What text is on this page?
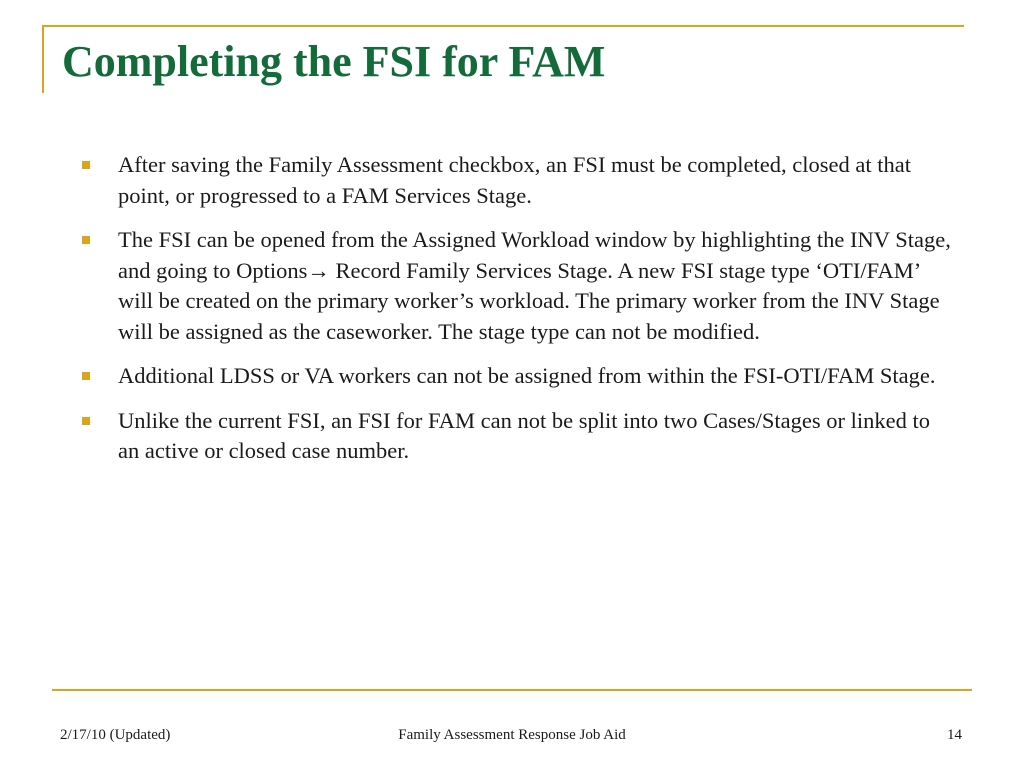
Completing the FSI for FAM
After saving the Family Assessment checkbox, an FSI must be completed, closed at that point, or progressed to a FAM Services Stage.
The FSI can be opened from the Assigned Workload window by highlighting the INV Stage, and going to Options→ Record Family Services Stage. A new FSI stage type ‘OTI/FAM’ will be created on the primary worker’s workload. The primary worker from the INV Stage will be assigned as the caseworker. The stage type can not be modified.
Additional LDSS or VA workers can not be assigned from within the FSI-OTI/FAM Stage.
Unlike the current FSI, an FSI for FAM can not be split into two Cases/Stages or linked to an active or closed case number.
2/17/10 (Updated)	Family Assessment Response Job Aid	14
